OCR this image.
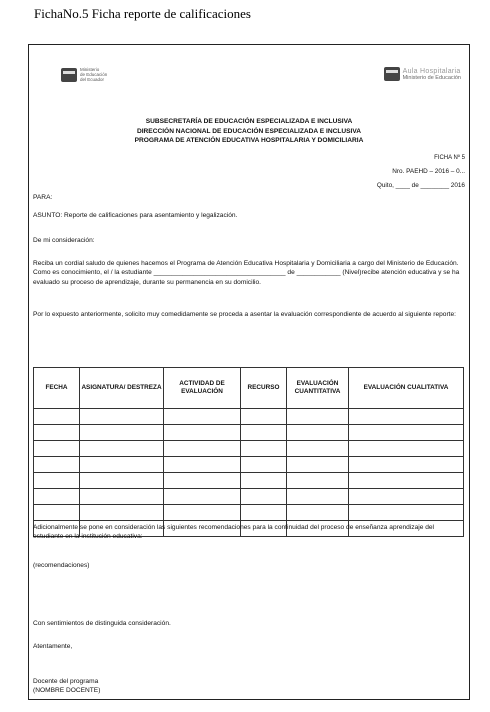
FichaNo.5 Ficha reporte de calificaciones
Ministerio
de Educación
del Ecuador
Aula Hospitalaria
Ministerio de Educación
SUBSECRETARÍA DE EDUCACIÓN ESPECIALIZADA E INCLUSIVA
DIRECCIÓN NACIONAL DE EDUCACIÓN ESPECIALIZADA E INCLUSIVA
PROGRAMA DE ATENCIÓN EDUCATIVA HOSPITALARIA Y DOMICILIARIA
FICHA Nº 5
Nro. PAEHD – 2016 – 0...
Quito, ____ de ________ 2016
PARA:
ASUNTO: Reporte de calificaciones para asentamiento y legalización.
De mi consideración:
Reciba un cordial saludo de quienes hacemos el Programa de Atención Educativa Hospitalaria y Domiciliaria a cargo del Ministerio de Educación. Como es conocimiento, el / la estudiante ____________________________________ de ____________ (Nivel)recibe atención educativa y se ha evaluado su proceso de aprendizaje, durante su permanencia en su domicilio.
Por lo expuesto anteriormente, solicito muy comedidamente se proceda a asentar la evaluación correspondiente de acuerdo al siguiente reporte:
FECHA	ASIGNATURA/ DESTREZA	ACTIVIDAD DE EVALUACIÓN	RECURSO	EVALUACIÓN CUANTITATIVA	EVALUACIÓN CUALITATIVA

Adicionalmente se pone en consideración las siguientes recomendaciones para la continuidad del proceso de enseñanza aprendizaje del estudiante en la institución educativa:
(recomendaciones)
Con sentimientos de distinguida consideración.
Atentamente,
Docente del programa
(NOMBRE DOCENTE)
